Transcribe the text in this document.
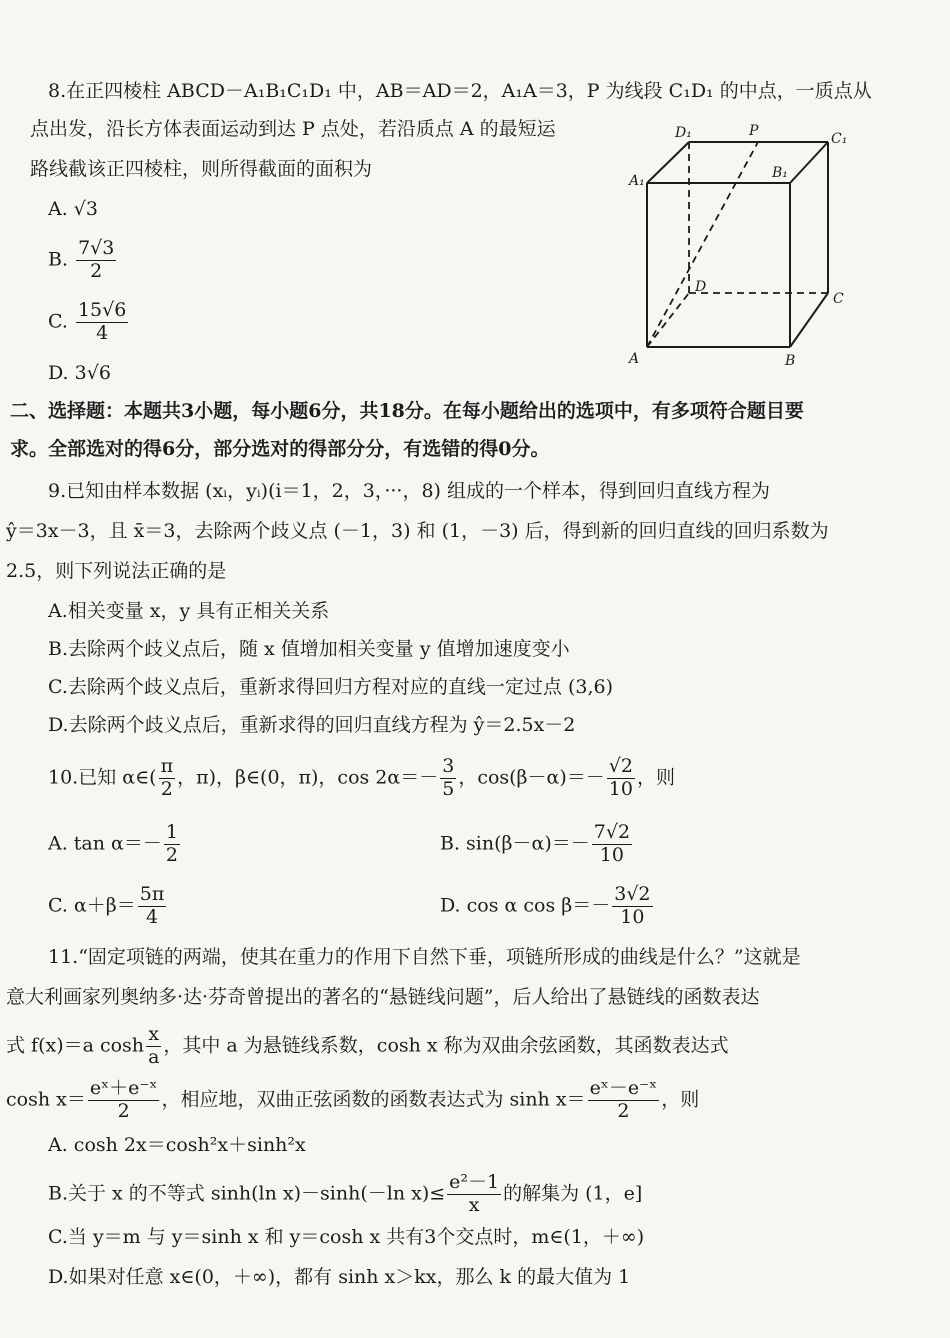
8.在正四棱柱 ABCD－A₁B₁C₁D₁ 中，AB＝AD＝2，A₁A＝3，P 为线段 C₁D₁ 的中点，一质点从
点出发，沿长方体表面运动到达 P 点处，若沿质点 A 的最短运
路线截该正四棱柱，则所得截面的面积为
A. √3
B. $\frac{7√3}{2}$
C. $\frac{15√6}{4}$
D. 3√6
D₁	P	C₁
A₁	B₁
D
C
A	B
二、选择题：本题共3小题，每小题6分，共18分。在每小题给出的选项中，有多项符合题目要
求。全部选对的得6分，部分选对的得部分分，有选错的得0分。
9.已知由样本数据 (xᵢ，yᵢ)(i＝1，2，3，···，8) 组成的一个样本，得到回归直线方程为
ŷ＝3x－3，且 x̄＝3，去除两个歧义点 (－1，3) 和 (1，－3) 后，得到新的回归直线的回归系数为
2.5，则下列说法正确的是
A.相关变量 x，y 具有正相关关系
B.去除两个歧义点后，随 x 值增加相关变量 y 值增加速度变小
C.去除两个歧义点后，重新求得回归方程对应的直线一定过点 (3,6)
D.去除两个歧义点后，重新求得的回归直线方程为 ŷ＝2.5x－2
10.已知 α∈( $\frac{\pi}{2}$ ，π)，β∈(0，π)，$\cos 2\alpha=- \frac{3}{5}$ ，$\cos(\beta-\alpha)=- \frac{√2}{10}$ ，则
A. $\tan \alpha=- \frac{1}{2}$	B. $\sin(\beta-\alpha)=- \frac{7√2}{10}$
C. $\alpha+\beta= \frac{5\pi}{4}$	D. cos α $\cos \beta=- \frac{3√2}{10}$
11.“固定项链的两端，使其在重力的作用下自然下垂，项链所形成的曲线是什么？”这就是
意大利画家列奥纳多·达·芬奇曾提出的著名的“悬链线问题”，后人给出了悬链线的函数表达
式 f(x)＝a $\cosh \frac{x}{a}$ ，其中 a 为悬链线系数，cosh x 称为双曲余弦函数，其函数表达式
$\cosh x= \frac{\text{eˣ＋e⁻ˣ}}{2}$ ，相应地，双曲正弦函数的函数表达式为 $\sinh x= \frac{\text{eˣ－e⁻ˣ}}{2}$ ，则
A. cosh 2x＝cosh²x＋sinh²x
B.关于 x 的不等式 sinh(ln x)－sinh(－ln $x)\le \frac{\text{e²－1}}{x}$ 的解集为 (1，e]
C.当 y＝m 与 y＝sinh x 和 y＝cosh x 共有3个交点时，m∈(1，＋∞)
D.如果对任意 x∈(0，＋∞)，都有 sinh x＞kx，那么 k 的最大值为 1
